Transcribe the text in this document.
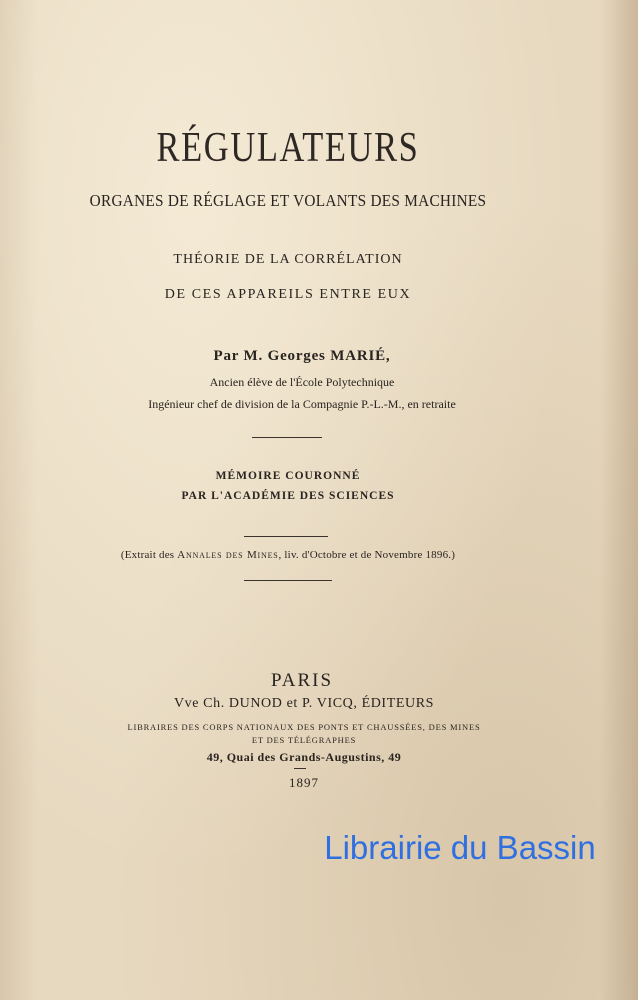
RÉGULATEURS
ORGANES DE RÉGLAGE ET VOLANTS DES MACHINES
THÉORIE DE LA CORRÉLATION
DE CES APPAREILS ENTRE EUX
Par M. Georges MARIÉ,
Ancien élève de l'École Polytechnique
Ingénieur chef de division de la Compagnie P.-L.-M., en retraite
MÉMOIRE COURONNÉ
PAR L'ACADÉMIE DES SCIENCES
(Extrait des Annales des Mines, liv. d'Octobre et de Novembre 1896.)
PARIS
Vve Ch. DUNOD et P. VICQ, ÉDITEURS
LIBRAIRES DES CORPS NATIONAUX DES PONTS ET CHAUSSÉES, DES MINES
ET DES TÉLÉGRAPHES
49, Quai des Grands-Augustins, 49
1897
Librairie du Bassin
